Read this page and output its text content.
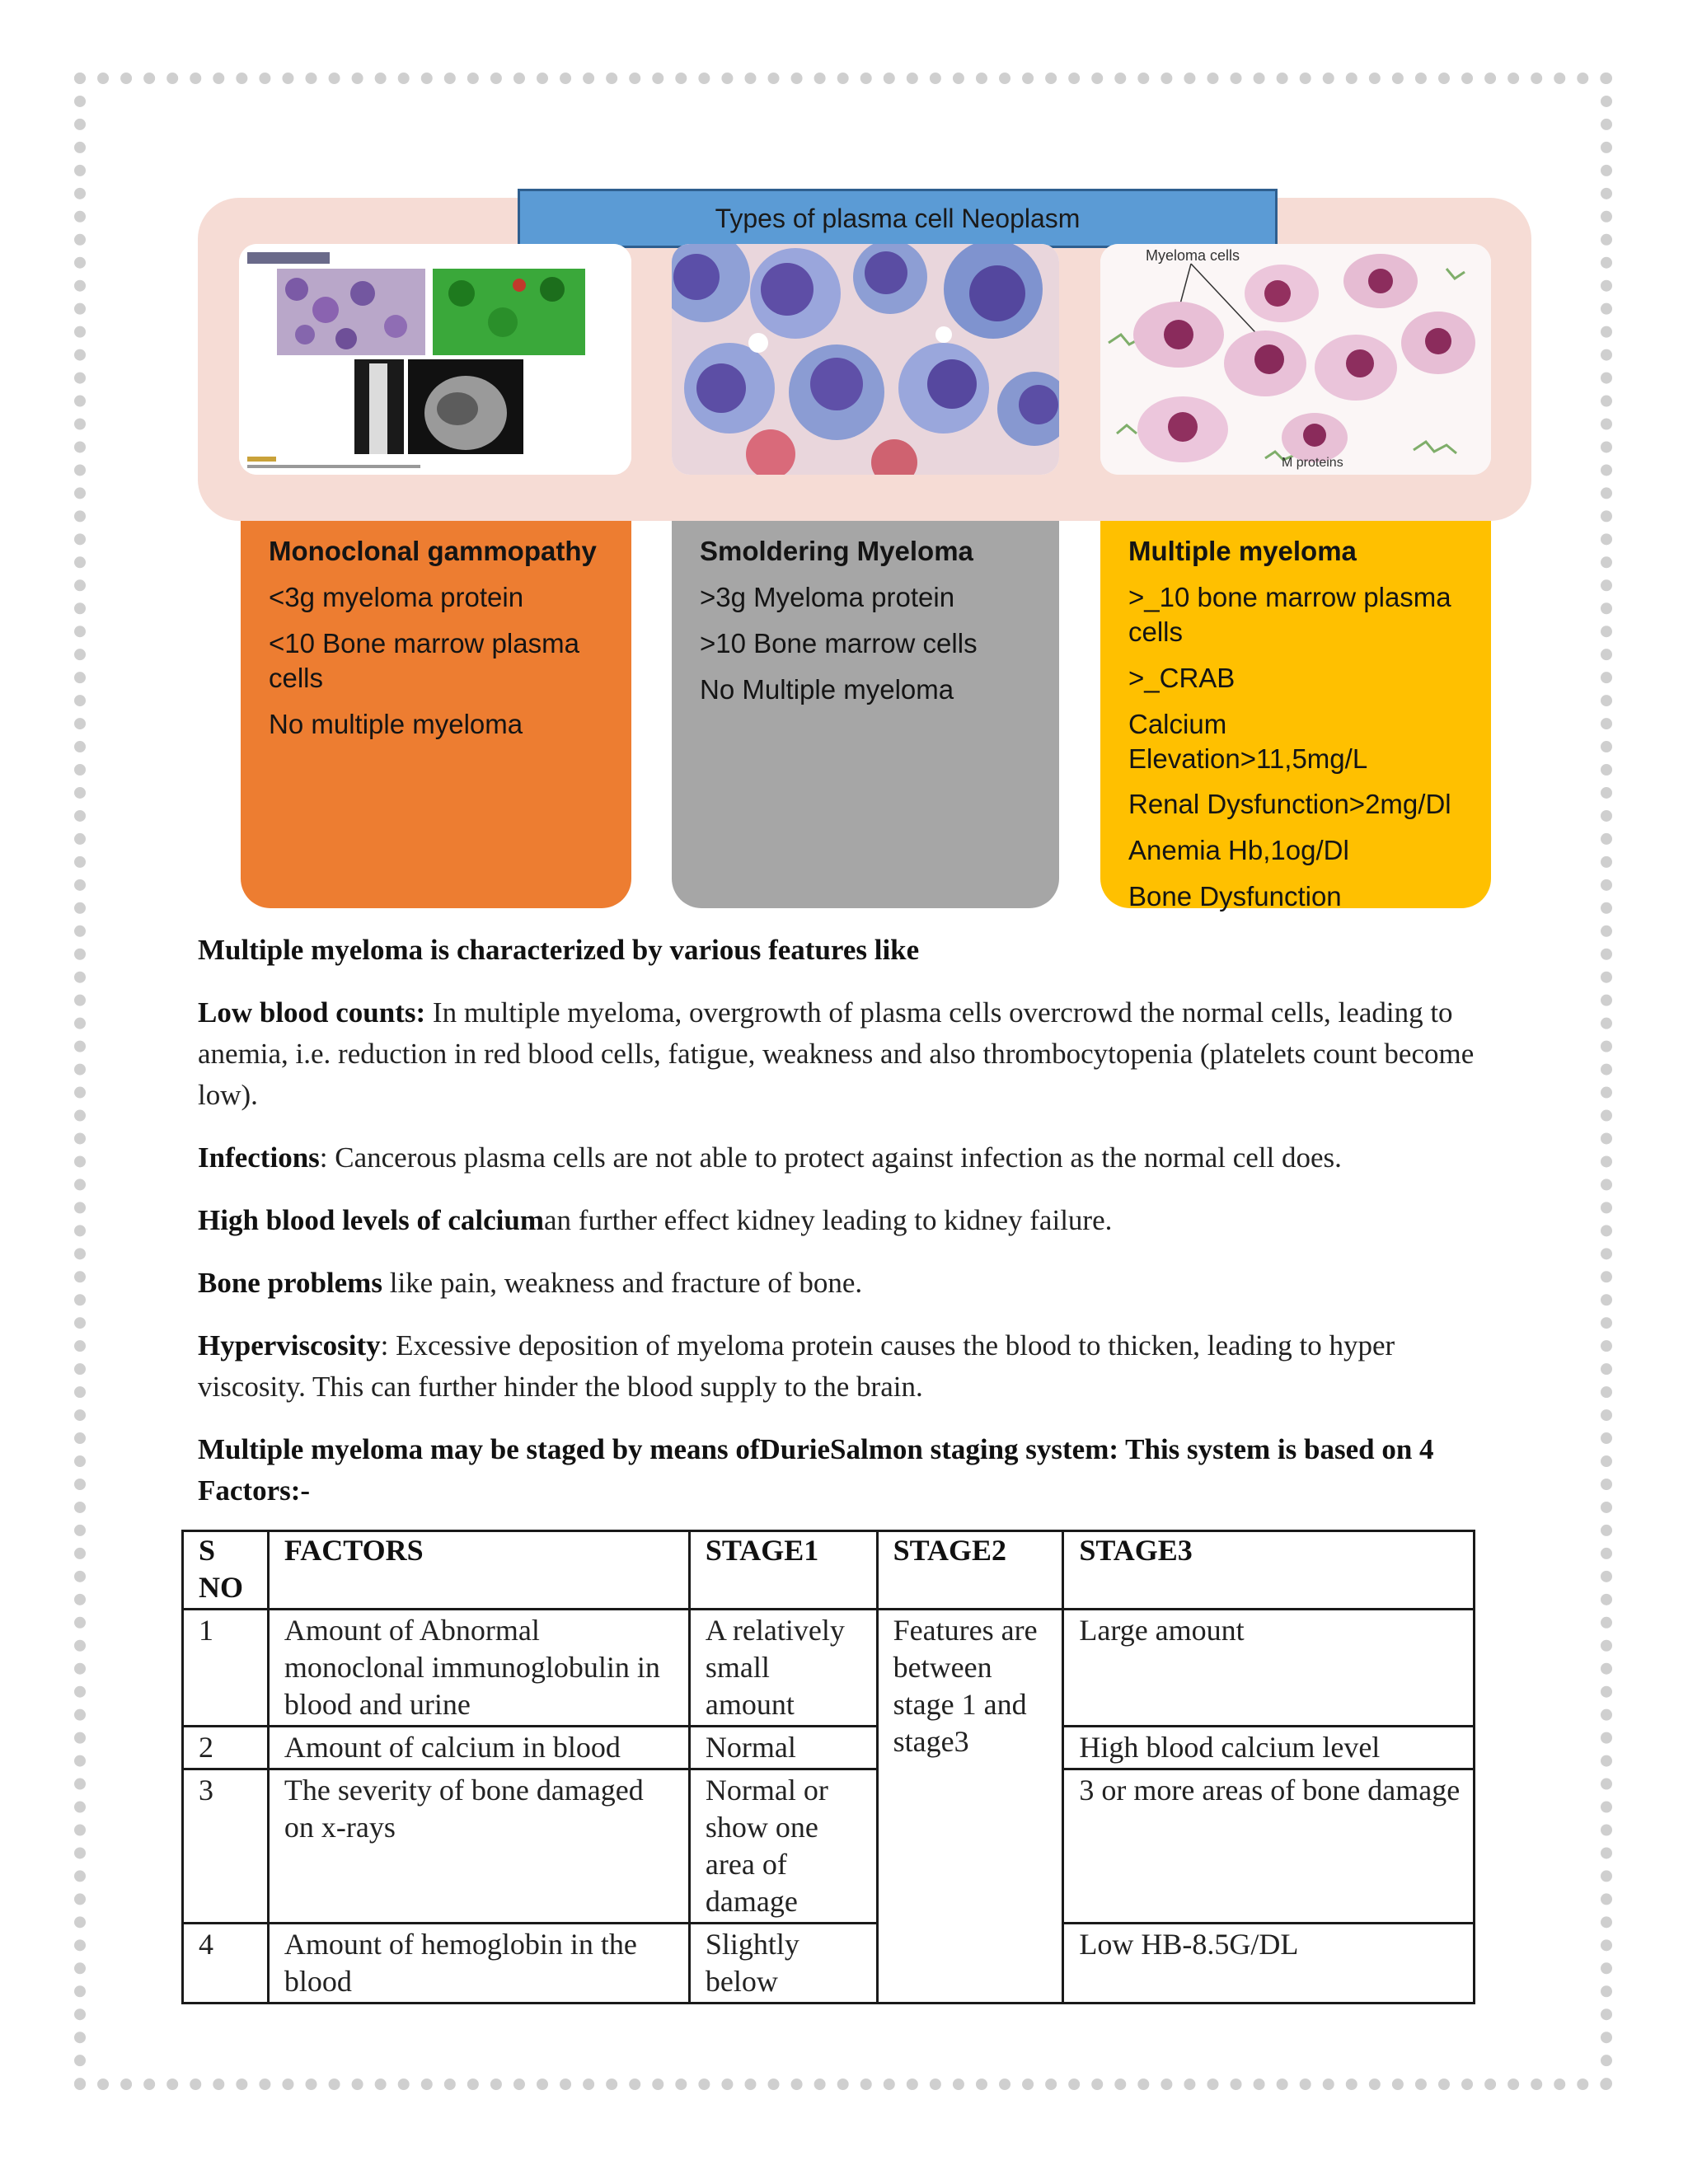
Types of plasma cell Neoplasm
Myeloma cells
M proteins

Monoclonal gammopathy

<3g myeloma protein

<10 Bone marrow plasma cells

No multiple myeloma

Smoldering Myeloma

>3g Myeloma protein

>10 Bone marrow cells

No Multiple myeloma

Multiple myeloma

>_10 bone marrow plasma cells

>_CRAB

Calcium Elevation>11,5mg/L

Renal Dysfunction>2mg/Dl

Anemia Hb,1og/Dl

Bone Dysfunction

Multiple myeloma is characterized by various features like

Low blood counts: In multiple myeloma, overgrowth of plasma cells overcrowd the normal cells, leading to anemia, i.e. reduction in red blood cells, fatigue, weakness and also thrombocytopenia (platelets count become low).

Infections: Cancerous plasma cells are not able to protect against infection as the normal cell does.

High blood levels of calciuman further effect kidney leading to kidney failure.

Bone problems like pain, weakness and fracture of bone.

Hyperviscosity: Excessive deposition of myeloma protein causes the blood to thicken, leading to hyper viscosity. This can further hinder the blood supply to the brain.

Multiple myeloma may be staged by means ofDurieSalmon staging system: This system is based on 4 Factors:-

S NO	FACTORS	STAGE1	STAGE2	STAGE3
1	Amount of Abnormal monoclonal immunoglobulin in blood and urine	A relatively small amount	Features are between stage 1 and stage3	Large amount
2	Amount of calcium in blood	Normal		High blood calcium level
3	The severity of bone damaged on x-rays	Normal or show one area of damage		3 or more areas of bone damage
4	Amount of hemoglobin in the blood	Slightly below		Low HB-8.5G/DL
